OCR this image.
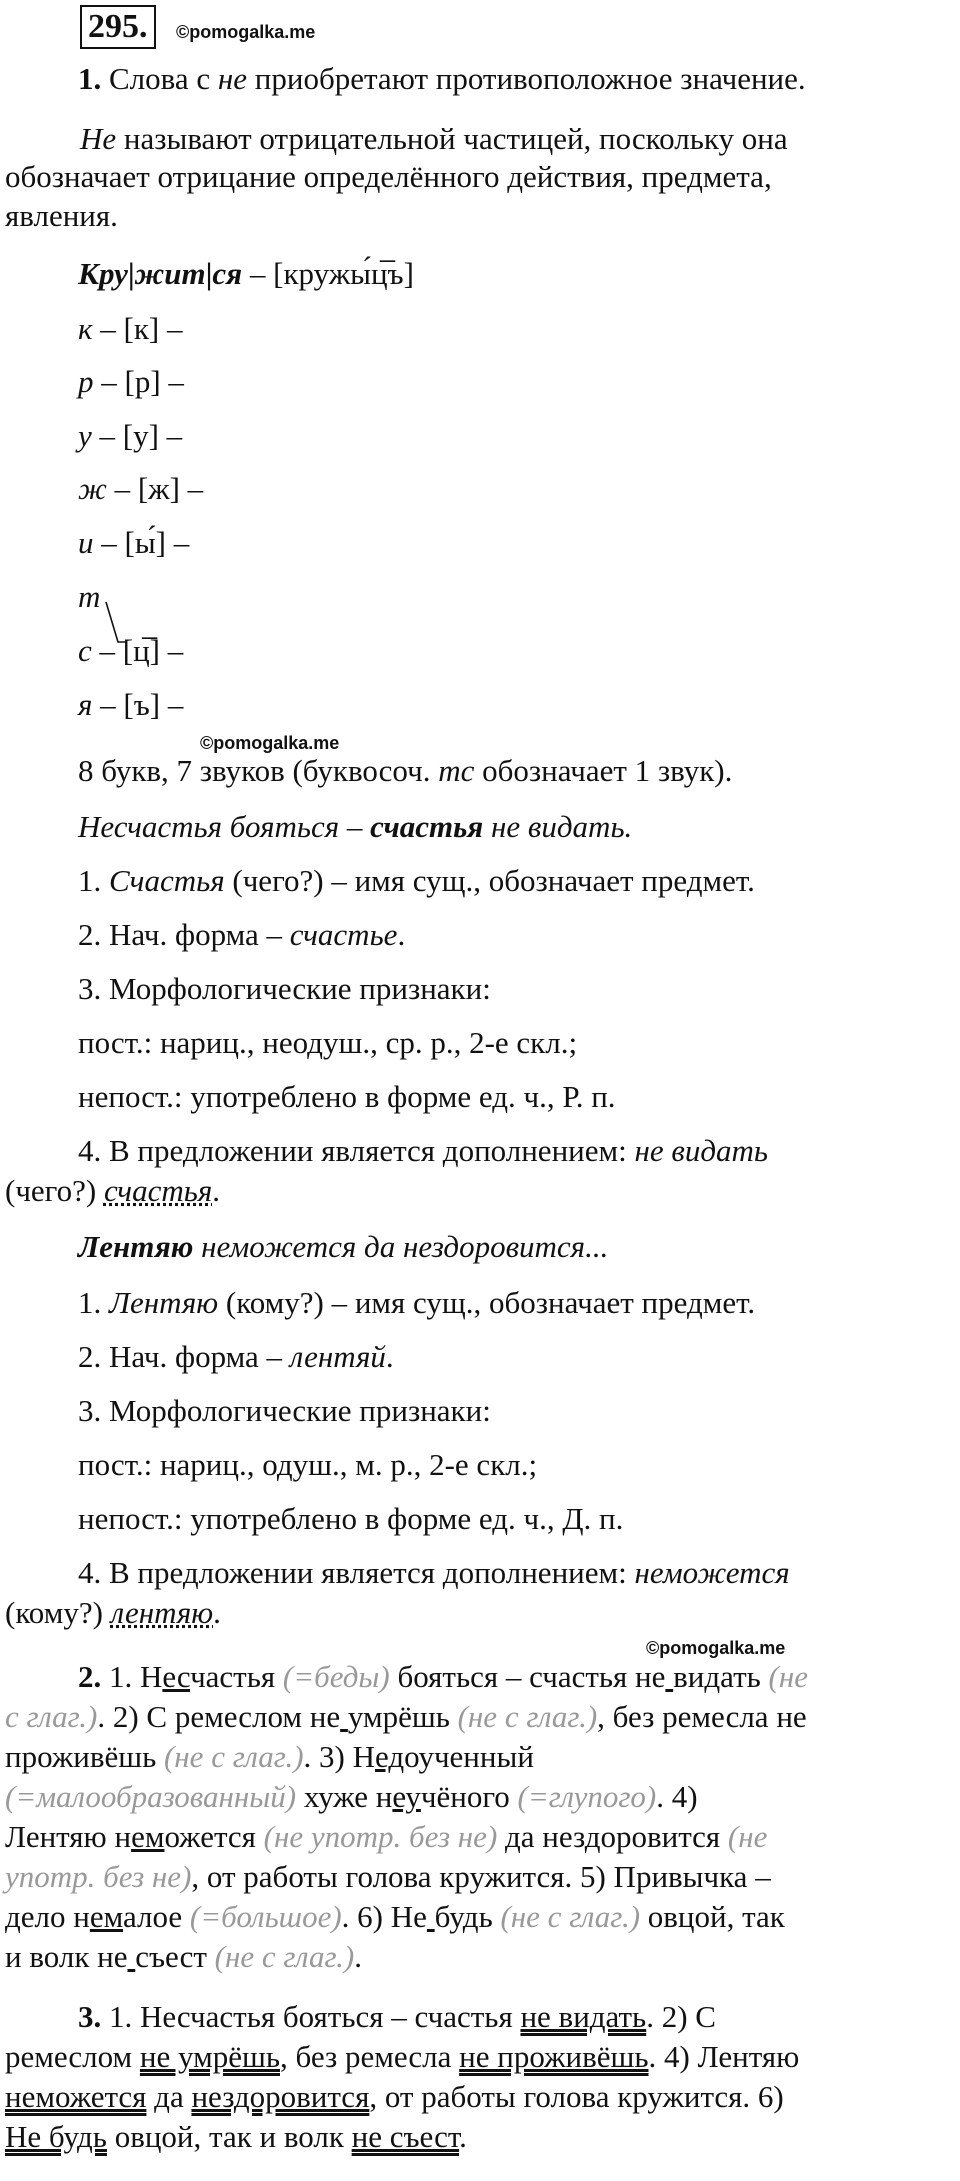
295.	©pomogalka.me
1. Слова с не приобретают противоположное значение.
Не называют отрицательной частицей, поскольку она
обозначает отрицание определённого действия, предмета,
явления.
Кру|жит|ся – [кружы́ц̅ъ]
к – [к] –
р – [р] –
у – [у] –
ж – [ж] –
и – [ы́] –
т
с – [ц̅] –
я – [ъ] –
©pomogalka.me
8 букв, 7 звуков (буквосоч. тс обозначает 1 звук).
Несчастья бояться – счастья не видать.
1. Счастья (чего?) – имя сущ., обозначает предмет.
2. Нач. форма – счастье.
3. Морфологические признаки:
пост.: нариц., неодуш., ср. р., 2-е скл.;
непост.: употреблено в форме ед. ч., Р. п.
4. В предложении является дополнением: не видать
(чего?) счастья.
Лентяю неможется да нездоровится...
1. Лентяю (кому?) – имя сущ., обозначает предмет.
2. Нач. форма – лентяй.
3. Морфологические признаки:
пост.: нариц., одуш., м. р., 2-е скл.;
непост.: употреблено в форме ед. ч., Д. п.
4. В предложении является дополнением: неможется
(кому?) лентяю.
©pomogalka.me
2. 1. Несчастья (=беды) бояться – счастья не видать (не
с глаг.). 2) С ремеслом не умрёшь (не с глаг.), без ремесла не
проживёшь (не с глаг.). 3) Недоученный
(=малообразованный) хуже неучёного (=глупого). 4)
Лентяю неможется (не употр. без не) да нездоровится (не
употр. без не), от работы голова кружится. 5) Привычка –
дело немалое (=большое). 6) Не будь (не с глаг.) овцой, так
и волк не съест (не с глаг.).
3. 1. Несчастья бояться – счастья не видать. 2) С
ремеслом не умрёшь, без ремесла не проживёшь. 4) Лентяю
неможется да нездоровится, от работы голова кружится. 6)
Не будь овцой, так и волк не съест.
